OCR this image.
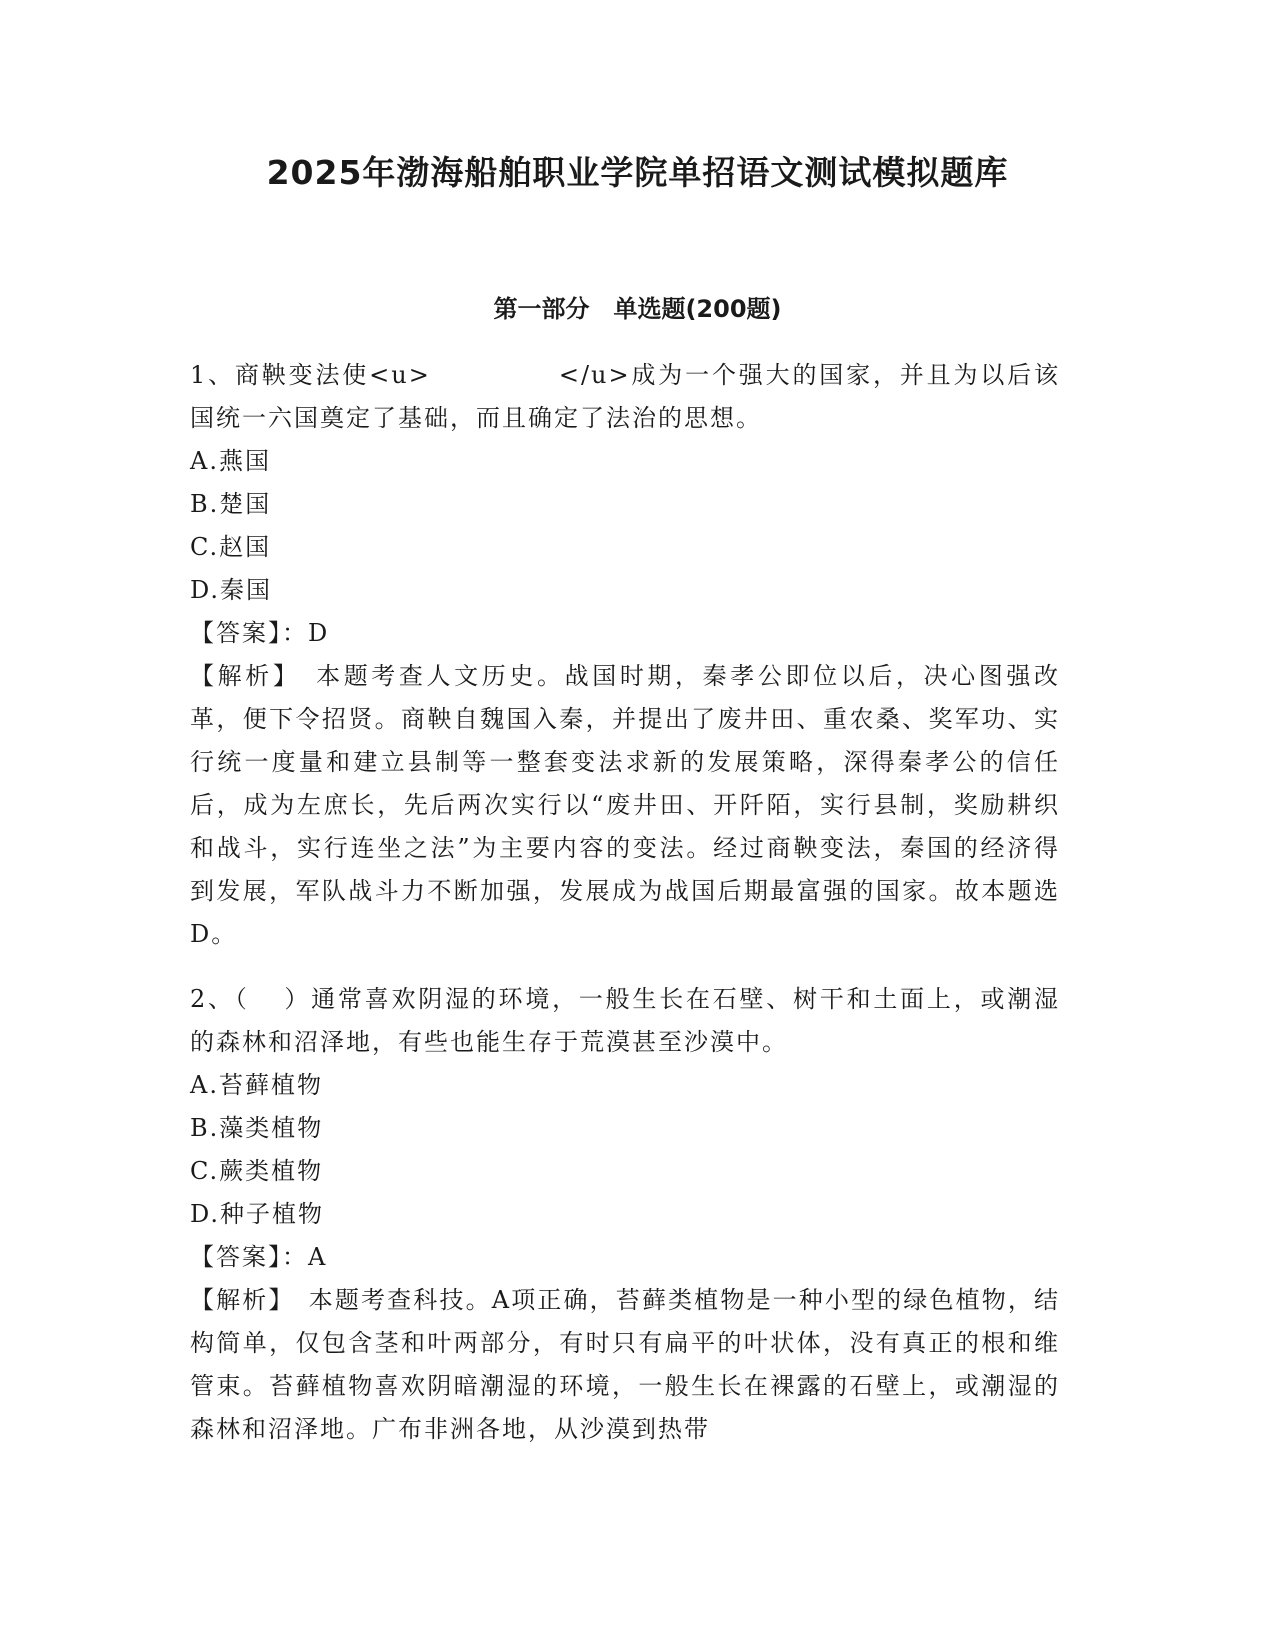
2025年渤海船舶职业学院单招语文测试模拟题库
第一部分　单选题(200题)

1、商鞅变法使<u>	</u>成为一个强大的国家，并且为以后该国统一六国奠定了基础，而且确定了法治的思想。

A.燕国

B.楚国

C.赵国

D.秦国

【答案】：D

【解析】　 本题考查人文历史。战国时期，秦孝公即位以后，决心图强改革，便下令招贤。商鞅自魏国入秦，并提出了废井田、重农桑、奖军功、实行统一度量和建立县制等一整套变法求新的发展策略，深得秦孝公的信任后，成为左庶长，先后两次实行以“废井田、开阡陌，实行县制，奖励耕织和战斗，实行连坐之法”为主要内容的变法。经过商鞅变法，秦国的经济得到发展，军队战斗力不断加强，发展成为战国后期最富强的国家。故本题选D。

2、（ ）通常喜欢阴湿的环境，一般生长在石壁、树干和土面上，或潮湿的森林和沼泽地，有些也能生存于荒漠甚至沙漠中。

A.苔藓植物

B.藻类植物

C.蕨类植物

D.种子植物

【答案】：A

【解析】　 本题考查科技。A项正确，苔藓类植物是一种小型的绿色植物，结构简单，仅包含茎和叶两部分，有时只有扁平的叶状体，没有真正的根和维管束。苔藓植物喜欢阴暗潮湿的环境，一般生长在裸露的石壁上，或潮湿的森林和沼泽地。广布非洲各地，从沙漠到热带
